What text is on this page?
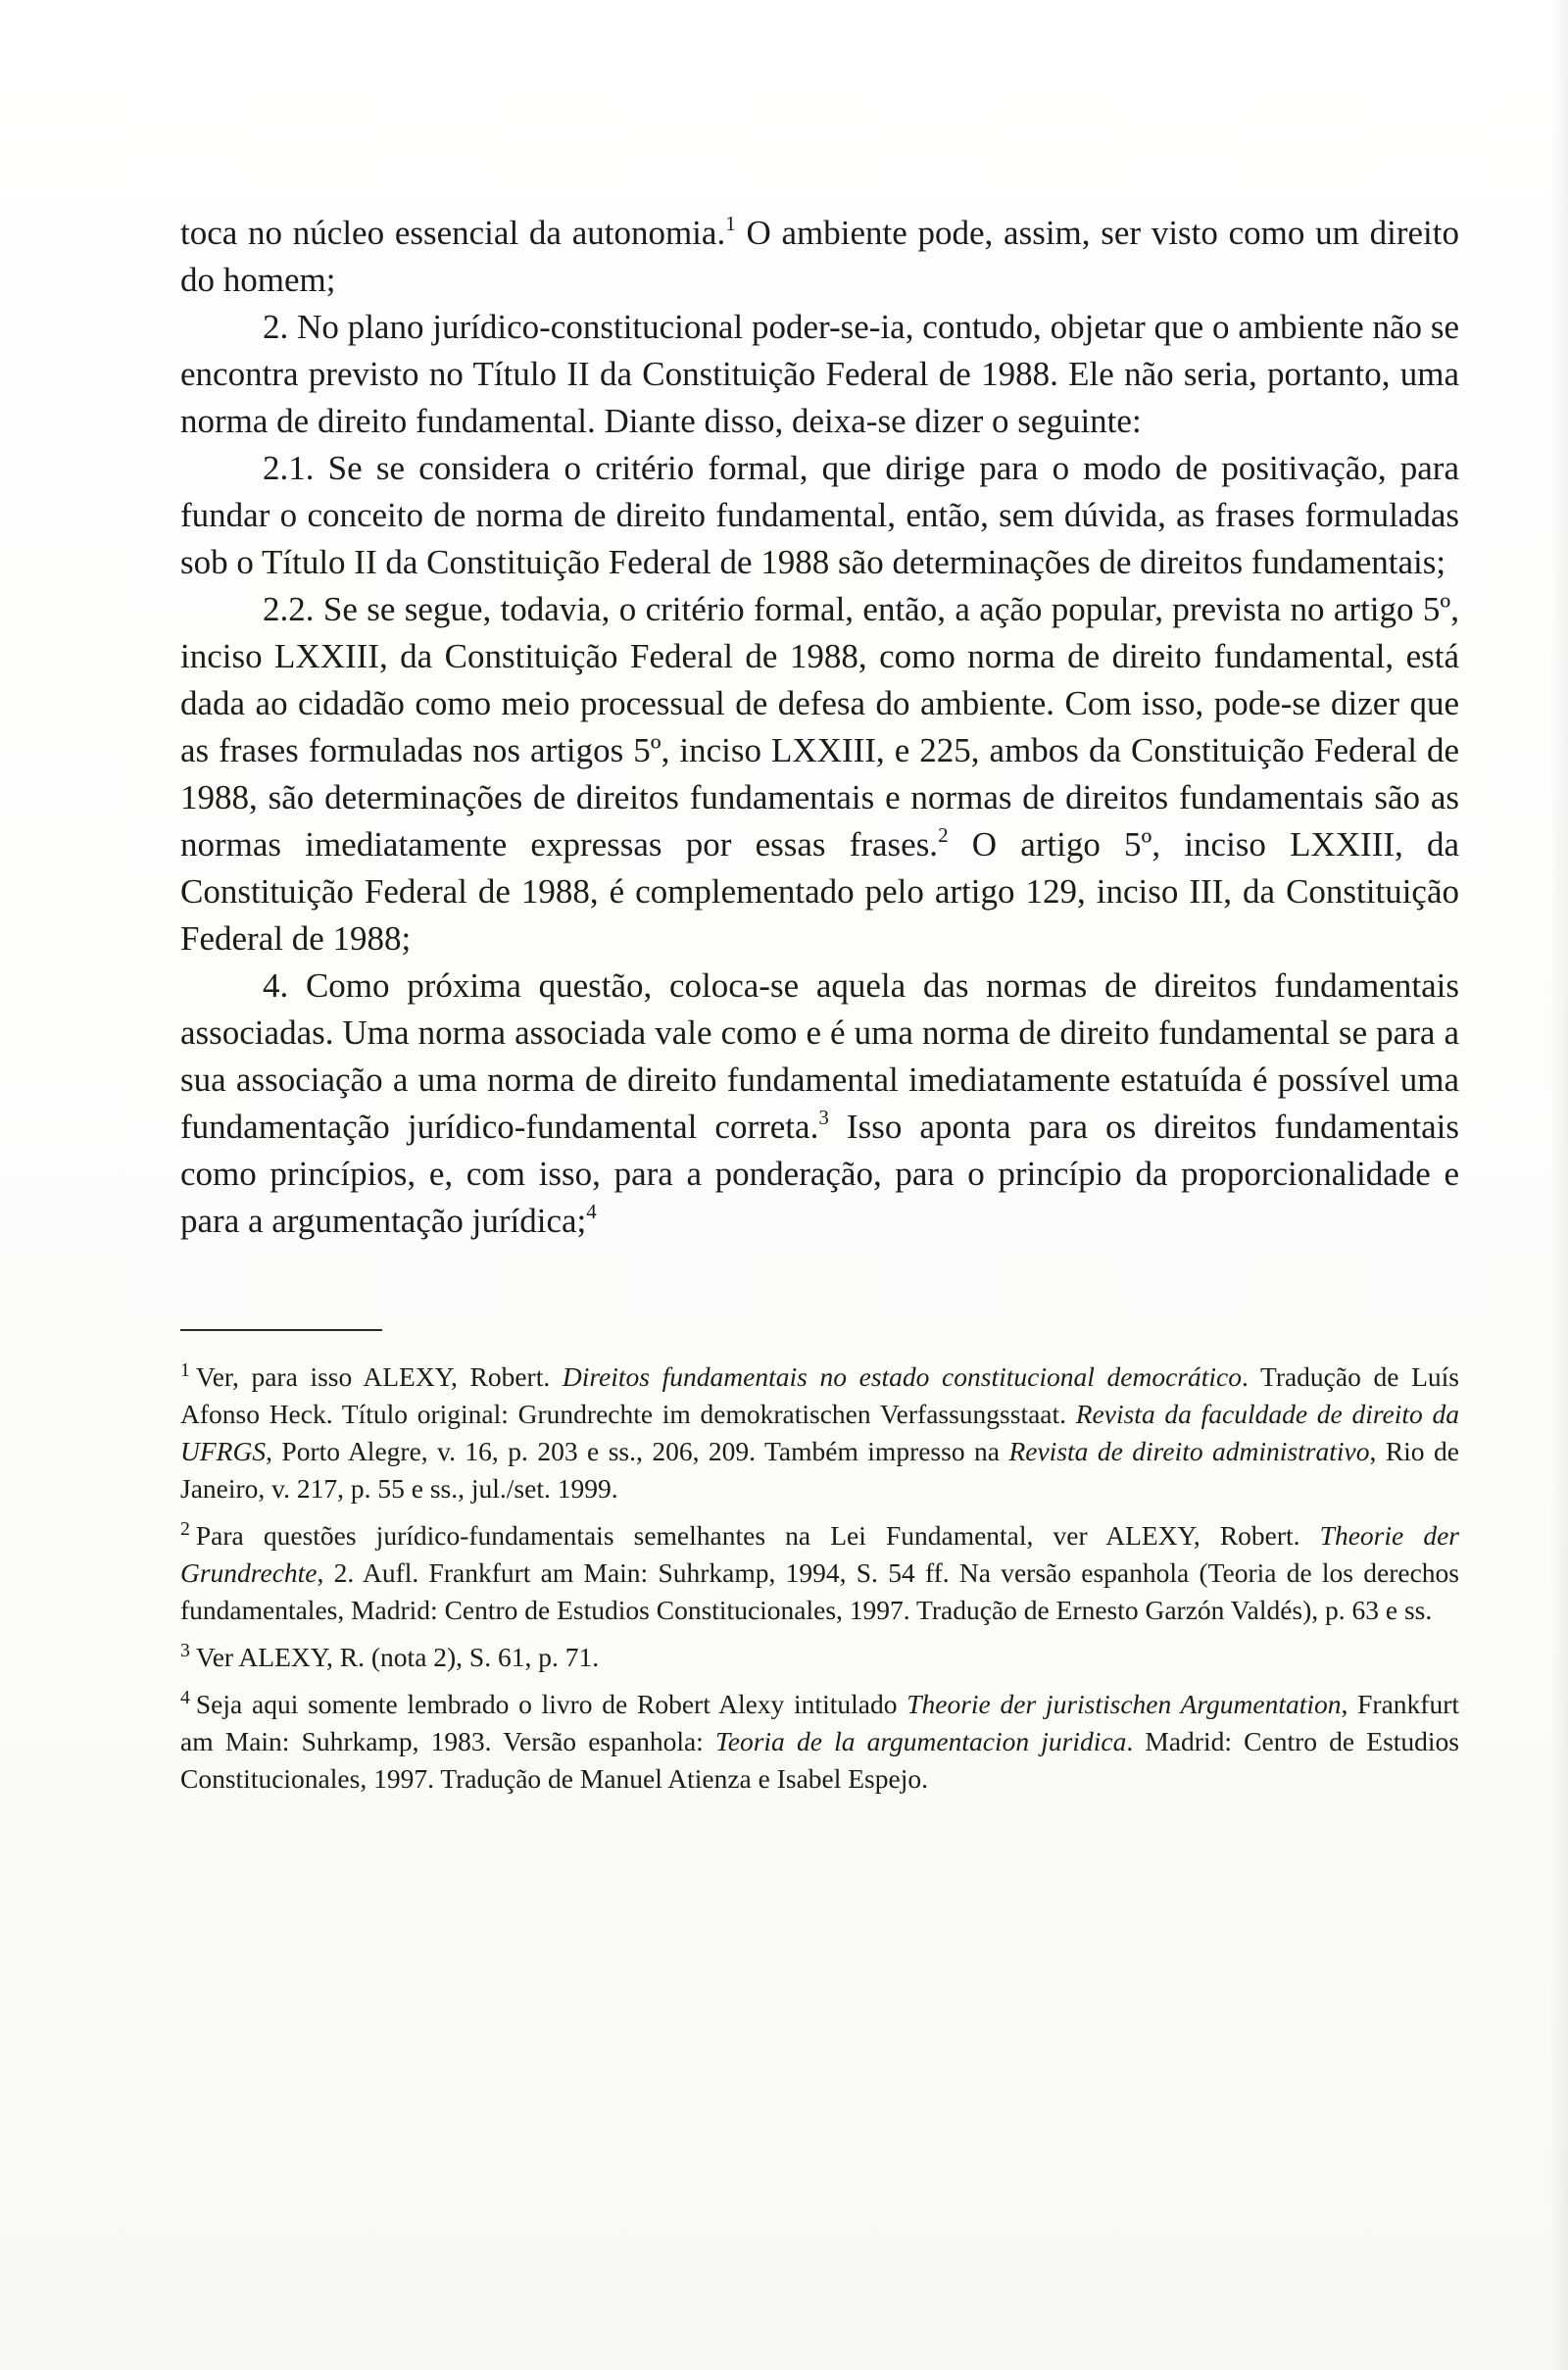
toca no núcleo essencial da autonomia.$^1$ O ambiente pode, assim, ser visto como um direito do homem;

2. No plano jurídico-constitucional poder-se-ia, contudo, objetar que o ambiente não se encontra previsto no Título II da Constituição Federal de 1988. Ele não seria, portanto, uma norma de direito fundamental. Diante disso, deixa-se dizer o seguinte:

2.1. Se se considera o critério formal, que dirige para o modo de positivação, para fundar o conceito de norma de direito fundamental, então, sem dúvida, as frases formuladas sob o Título II da Constituição Federal de 1988 são determinações de direitos fundamentais;

2.2. Se se segue, todavia, o critério formal, então, a ação popular, prevista no artigo 5º, inciso LXXIII, da Constituição Federal de 1988, como norma de direito fundamental, está dada ao cidadão como meio processual de defesa do ambiente. Com isso, pode-se dizer que as frases formuladas nos artigos 5º, inciso LXXIII, e 225, ambos da Constituição Federal de 1988, são determinações de direitos fundamentais e normas de direitos fundamentais são as normas imediatamente expressas por essas frases.$^2$ O artigo 5º, inciso LXXIII, da Constituição Federal de 1988, é complementado pelo artigo 129, inciso III, da Constituição Federal de 1988;

4. Como próxima questão, coloca-se aquela das normas de direitos fundamentais associadas. Uma norma associada vale como e é uma norma de direito fundamental se para a sua associação a uma norma de direito fundamental imediatamente estatuída é possível uma fundamentação jurídico-fundamental correta.$^3$ Isso aponta para os direitos fundamentais como princípios, e, com isso, para a ponderação, para o princípio da proporcionalidade e para a argumentação jurídica;$^4$

$^1$ Ver, para isso ALEXY, Robert. Direitos fundamentais no estado constitucional democrático. Tradução de Luís Afonso Heck. Título original: Grundrechte im demokratischen Verfassungsstaat. Revista da faculdade de direito da UFRGS, Porto Alegre, v. 16, p. 203 e ss., 206, 209. Também impresso na Revista de direito administrativo, Rio de Janeiro, v. 217, p. 55 e ss., jul./set. 1999.

$^2$ Para questões jurídico-fundamentais semelhantes na Lei Fundamental, ver ALEXY, Robert. Theorie der Grundrechte, 2. Aufl. Frankfurt am Main: Suhrkamp, 1994, S. 54 ff. Na versão espanhola (Teoria de los derechos fundamentales, Madrid: Centro de Estudios Constitucionales, 1997. Tradução de Ernesto Garzón Valdés), p. 63 e ss.

$^3$ Ver ALEXY, R. (nota 2), S. 61, p. 71.

$^4$ Seja aqui somente lembrado o livro de Robert Alexy intitulado Theorie der juristischen Argumentation, Frankfurt am Main: Suhrkamp, 1983. Versão espanhola: Teoria de la argumentacion juridica. Madrid: Centro de Estudios Constitucionales, 1997. Tradução de Manuel Atienza e Isabel Espejo.
